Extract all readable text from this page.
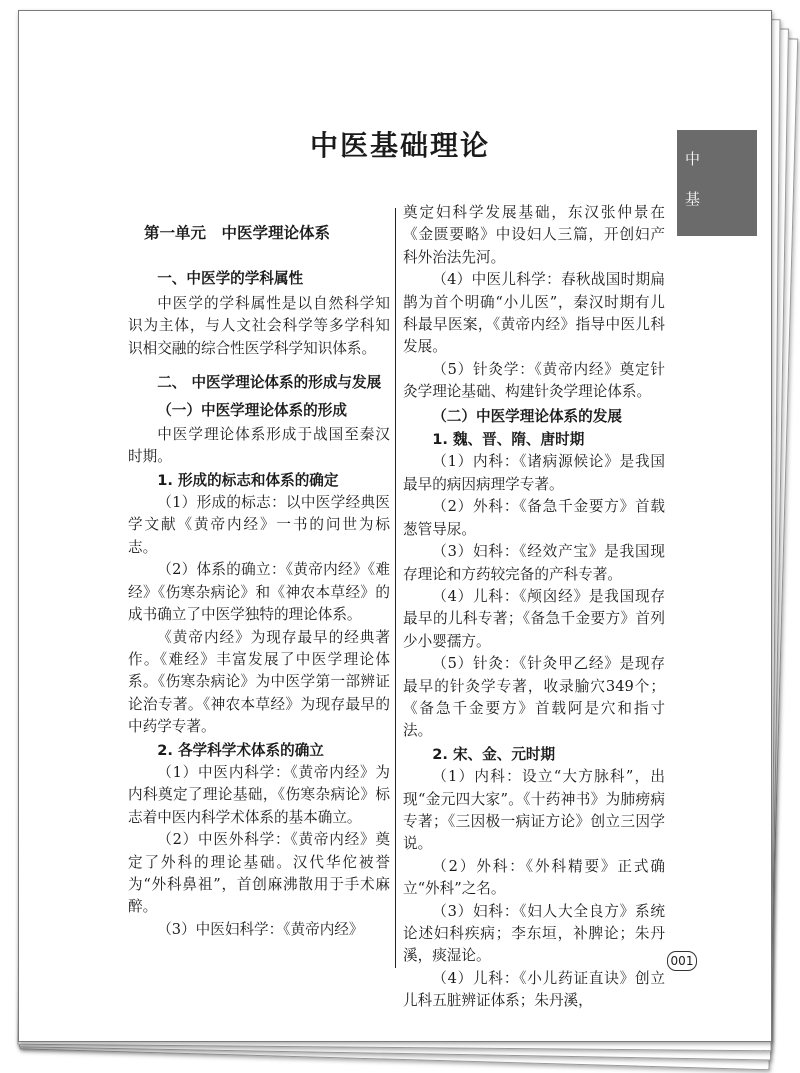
中医基础理论	中
基
第一单元　中医学理论体系
一、中医学的学科属性

中医学的学科属性是以自然科学知识为主体，与人文社会科学等多学科知识相交融的综合性医学科学知识体系。

二、 中医学理论体系的形成与发展
（一）中医学理论体系的形成

中医学理论体系形成于战国至秦汉时期。

1. 形成的标志和体系的确定

（1）形成的标志：以中医学经典医学文献《黄帝内经》一书的问世为标志。

（2）体系的确立：《黄帝内经》《难经》《伤寒杂病论》和《神农本草经》的成书确立了中医学独特的理论体系。

《黄帝内经》为现存最早的经典著作。《难经》丰富发展了中医学理论体系。《伤寒杂病论》为中医学第一部辨证论治专著。《神农本草经》为现存最早的中药学专著。

2. 各学科学术体系的确立

（1）中医内科学：《黄帝内经》为内科奠定了理论基础，《伤寒杂病论》标志着中医内科学术体系的基本确立。

（2）中医外科学：《黄帝内经》奠定了外科的理论基础。汉代华佗被誉为“外科鼻祖”，首创麻沸散用于手术麻醉。

（3）中医妇科学：《黄帝内经》

奠定妇科学发展基础，东汉张仲景在《金匮要略》中设妇人三篇，开创妇产科外治法先河。

（4）中医儿科学：春秋战国时期扁鹊为首个明确“小儿医”，秦汉时期有儿科最早医案，《黄帝内经》指导中医儿科发展。

（5）针灸学：《黄帝内经》奠定针灸学理论基础、构建针灸学理论体系。

（二）中医学理论体系的发展
1. 魏、晋、隋、唐时期

（1）内科：《诸病源候论》是我国最早的病因病理学专著。

（2）外科：《备急千金要方》首载葱管导尿。

（3）妇科：《经效产宝》是我国现存理论和方药较完备的产科专著。

（4）儿科：《颅囟经》是我国现存最早的儿科专著；《备急千金要方》首列少小婴孺方。

（5）针灸：《针灸甲乙经》是现存最早的针灸学专著，收录腧穴349个；《备急千金要方》首载阿是穴和指寸法。

2. 宋、金、元时期

（1）内科：设立“大方脉科”，出现“金元四大家”。《十药神书》为肺痨病专著；《三因极一病证方论》创立三因学说。

（2）外科：《外科精要》正式确立“外科”之名。

（3）妇科：《妇人大全良方》系统论述妇科疾病；李东垣，补脾论；朱丹溪，痰湿论。

（4）儿科：《小儿药证直诀》创立儿科五脏辨证体系；朱丹溪，

001
